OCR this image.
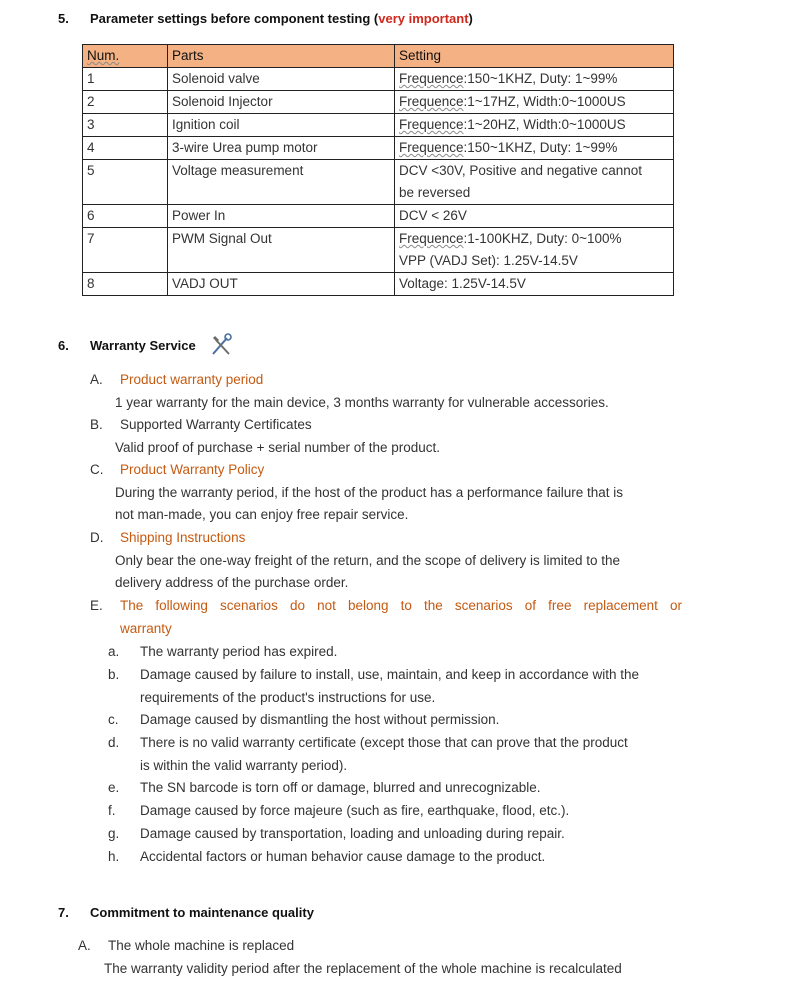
5. Parameter settings before component testing (very important)
Num.	Parts	Setting
1	Solenoid valve	Frequence:150~1KHZ, Duty: 1~99%

2	Solenoid Injector	Frequence:1~17HZ, Width:0~1000US

3	Ignition coil	Frequence:1~20HZ, Width:0~1000US

4	3-wire Urea pump motor	Frequence:150~1KHZ, Duty: 1~99%

5	Voltage measurement	DCV <30V, Positive and negative cannot
be reversed

6	Power In	DCV < 26V

7	PWM Signal Out	Frequence:1-100KHZ, Duty: 0~100%
VPP (VADJ Set): 1.25V-14.5V

8	VADJ OUT	Voltage: 1.25V-14.5V
6. Warranty Service
A. Product warranty period
1 year warranty for the main device, 3 months warranty for vulnerable accessories.
B. Supported Warranty Certificates
Valid proof of purchase + serial number of the product.
C. Product Warranty Policy
During the warranty period, if the host of the product has a performance failure that is
not man-made, you can enjoy free repair service.
D. Shipping Instructions
Only bear the one-way freight of the return, and the scope of delivery is limited to the
delivery address of the purchase order.
E. The following scenarios do not belong to the scenarios of free replacement or
warranty
a. The warranty period has expired.
b. Damage caused by failure to install, use, maintain, and keep in accordance with the
requirements of the product's instructions for use.
c. Damage caused by dismantling the host without permission.
d. There is no valid warranty certificate (except those that can prove that the product
is within the valid warranty period).
e. The SN barcode is torn off or damage, blurred and unrecognizable.
f. Damage caused by force majeure (such as fire, earthquake, flood, etc.).
g. Damage caused by transportation, loading and unloading during repair.
h. Accidental factors or human behavior cause damage to the product.
7. Commitment to maintenance quality
A. The whole machine is replaced
The warranty validity period after the replacement of the whole machine is recalculated
